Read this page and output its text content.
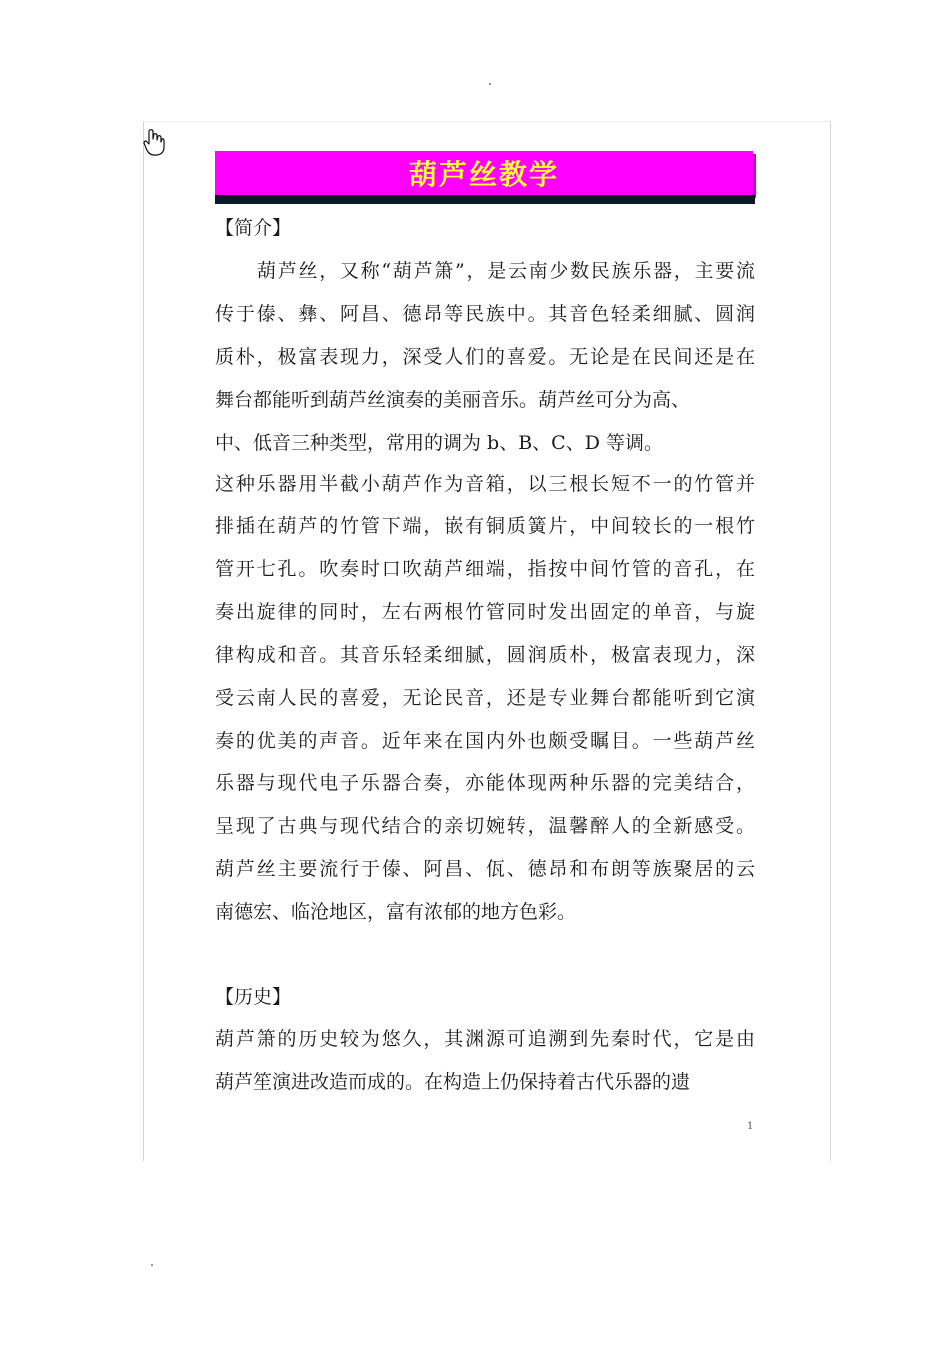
葫芦丝教学
【简介】
葫芦丝，又称“葫芦箫”，是云南少数民族乐器，主要流
传于傣、彝、阿昌、德昂等民族中。其音色轻柔细腻、圆润
质朴，极富表现力，深受人们的喜爱。无论是在民间还是在
舞台都能听到葫芦丝演奏的美丽音乐。葫芦丝可分为高、
中、低音三种类型，常用的调为 b、B、C、D 等调。
这种乐器用半截小葫芦作为音箱，以三根长短不一的竹管并
排插在葫芦的竹管下端，嵌有铜质簧片，中间较长的一根竹
管开七孔。吹奏时口吹葫芦细端，指按中间竹管的音孔，在
奏出旋律的同时，左右两根竹管同时发出固定的单音，与旋
律构成和音。其音乐轻柔细腻，圆润质朴，极富表现力，深
受云南人民的喜爱，无论民音，还是专业舞台都能听到它演
奏的优美的声音。近年来在国内外也颇受瞩目。一些葫芦丝
乐器与现代电子乐器合奏，亦能体现两种乐器的完美结合，
呈现了古典与现代结合的亲切婉转，温馨醉人的全新感受。
葫芦丝主要流行于傣、阿昌、佤、德昂和布朗等族聚居的云
南德宏、临沧地区，富有浓郁的地方色彩。
【历史】
葫芦箫的历史较为悠久，其渊源可追溯到先秦时代，它是由
葫芦笙演进改造而成的。在构造上仍保持着古代乐器的遗
1
